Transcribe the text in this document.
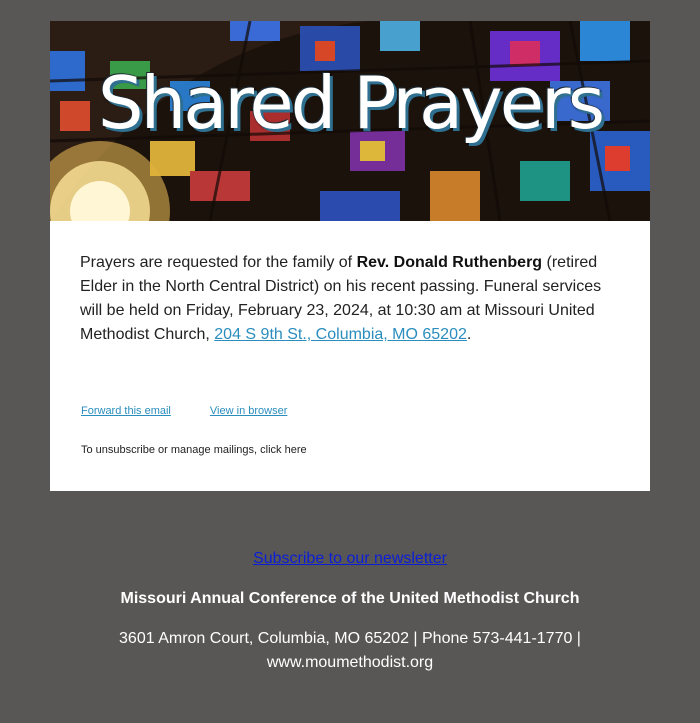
Shared Prayers
Prayers are requested for the family of Rev. Donald Ruthenberg (retired Elder in the North Central District) on his recent passing. Funeral services will be held on Friday, February 23, 2024, at 10:30 am at Missouri United Methodist Church, 204 S 9th St., Columbia, MO 65202.
Forward this email	View in browser
To unsubscribe or manage mailings, click here
Subscribe to our newsletter
Missouri Annual Conference of the United Methodist Church
3601 Amron Court, Columbia, MO 65202 | Phone 573-441-1770 |
www.moumethodist.org
